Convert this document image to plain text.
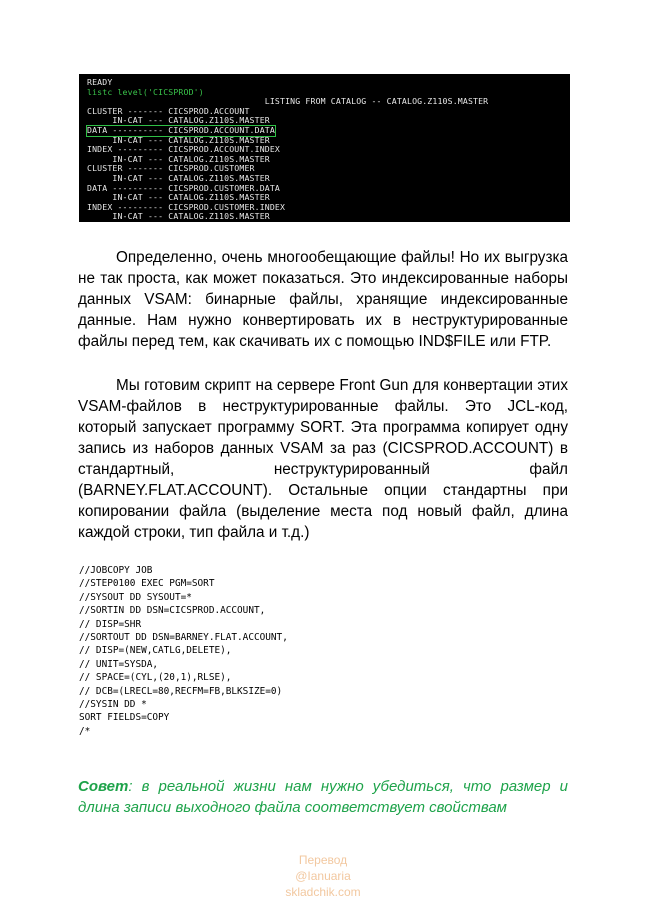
READY
listc level('CICSPROD')
LISTING FROM CATALOG -- CATALOG.Z110S.MASTER
CLUSTER ------- CICSPROD.ACCOUNT
IN-CAT --- CATALOG.Z110S.MASTER
DATA ---------- CICSPROD.ACCOUNT.DATA
IN-CAT --- CATALOG.Z110S.MASTER
INDEX --------- CICSPROD.ACCOUNT.INDEX
IN-CAT --- CATALOG.Z110S.MASTER
CLUSTER ------- CICSPROD.CUSTOMER
IN-CAT --- CATALOG.Z110S.MASTER
DATA ---------- CICSPROD.CUSTOMER.DATA
IN-CAT --- CATALOG.Z110S.MASTER
INDEX --------- CICSPROD.CUSTOMER.INDEX
IN-CAT --- CATALOG.Z110S.MASTER

Определенно, очень многообещающие файлы! Но их выгрузка не так проста, как может показаться. Это индексированные наборы данных VSAM: бинарные файлы, хранящие индексированные данные. Нам нужно конвертировать их в неструктурированные файлы перед тем, как скачивать их с помощью IND$FILE или FTP.

Мы готовим скрипт на сервере Front Gun для конвертации этих VSAM-файлов в неструктурированные файлы. Это JCL-код, который запускает программу SORT. Эта программа копирует одну запись из наборов данных VSAM за раз (CICSPROD.ACCOUNT) в стандартный, неструктурированный файл (BARNEY.FLAT.ACCOUNT). Остальные опции стандартны при копировании файла (выделение места под новый файл, длина каждой строки, тип файла и т.д.)

//JOBCOPY JOB
//STEP0100 EXEC PGM=SORT
//SYSOUT DD SYSOUT=*
//SORTIN DD DSN=CICSPROD.ACCOUNT,
// DISP=SHR
//SORTOUT DD DSN=BARNEY.FLAT.ACCOUNT,
// DISP=(NEW,CATLG,DELETE),
// UNIT=SYSDA,
// SPACE=(CYL,(20,1),RLSE),
// DCB=(LRECL=80,RECFM=FB,BLKSIZE=0)
//SYSIN DD *
SORT FIELDS=COPY
/*

Совет: в реальной жизни нам нужно убедиться, что размер и длина записи выходного файла соответствует свойствам

Перевод
@Ianuaria
skladchik.com
